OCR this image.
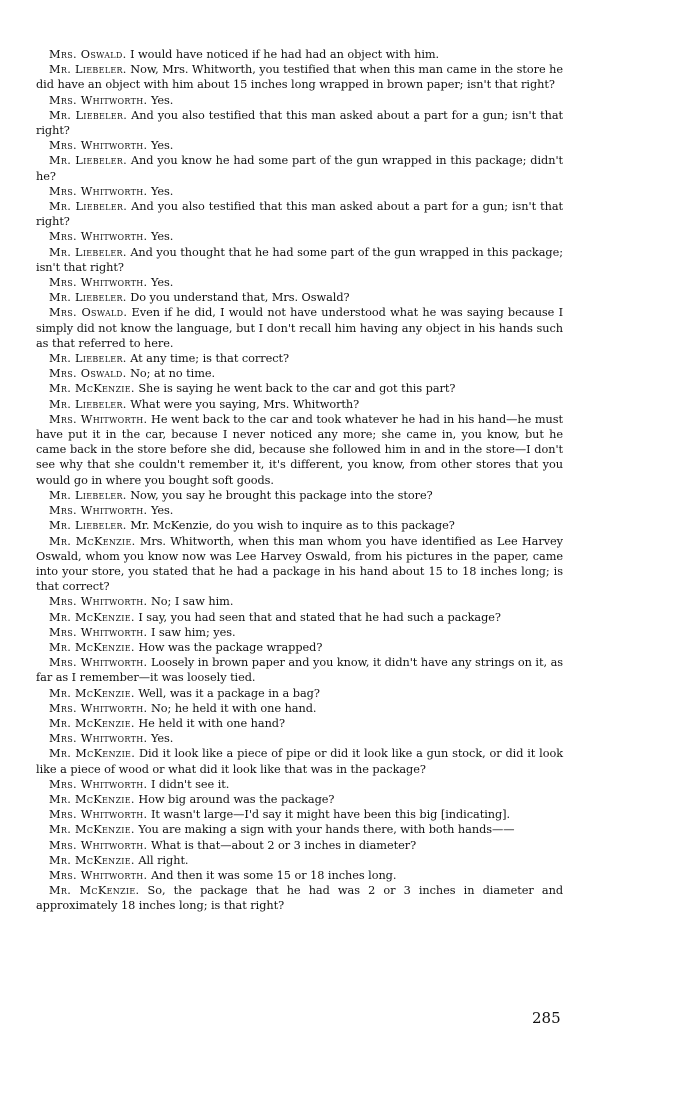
Mrs. Oswald. I would have noticed if he had had an object with him.

Mr. Liebeler. Now, Mrs. Whitworth, you testified that when this man came in the store he did have an object with him about 15 inches long wrapped in brown paper; isn't that right?

Mrs. Whitworth. Yes.

Mr. Liebeler. And you also testified that this man asked about a part for a gun; isn't that right?

Mrs. Whitworth. Yes.

Mr. Liebeler. And you know he had some part of the gun wrapped in this package; didn't he?

Mrs. Whitworth. Yes.

Mr. Liebeler. And you also testified that this man asked about a part for a gun; isn't that right?

Mrs. Whitworth. Yes.

Mr. Liebeler. And you thought that he had some part of the gun wrapped in this package; isn't that right?

Mrs. Whitworth. Yes.

Mr. Liebeler. Do you understand that, Mrs. Oswald?

Mrs. Oswald. Even if he did, I would not have understood what he was saying because I simply did not know the language, but I don't recall him having any object in his hands such as that referred to here.

Mr. Liebeler. At any time; is that correct?

Mrs. Oswald. No; at no time.

Mr. McKenzie. She is saying he went back to the car and got this part?

Mr. Liebeler. What were you saying, Mrs. Whitworth?

Mrs. Whitworth. He went back to the car and took whatever he had in his hand—he must have put it in the car, because I never noticed any more; she came in, you know, but he came back in the store before she did, because she followed him in and in the store—I don't see why that she couldn't remember it, it's different, you know, from other stores that you would go in where you bought soft goods.

Mr. Liebeler. Now, you say he brought this package into the store?

Mrs. Whitworth. Yes.

Mr. Liebeler. Mr. McKenzie, do you wish to inquire as to this package?

Mr. McKenzie. Mrs. Whitworth, when this man whom you have identified as Lee Harvey Oswald, whom you know now was Lee Harvey Oswald, from his pictures in the paper, came into your store, you stated that he had a package in his hand about 15 to 18 inches long; is that correct?

Mrs. Whitworth. No; I saw him.

Mr. McKenzie. I say, you had seen that and stated that he had such a package?

Mrs. Whitworth. I saw him; yes.

Mr. McKenzie. How was the package wrapped?

Mrs. Whitworth. Loosely in brown paper and you know, it didn't have any strings on it, as far as I remember—it was loosely tied.

Mr. McKenzie. Well, was it a package in a bag?

Mrs. Whitworth. No; he held it with one hand.

Mr. McKenzie. He held it with one hand?

Mrs. Whitworth. Yes.

Mr. McKenzie. Did it look like a piece of pipe or did it look like a gun stock, or did it look like a piece of wood or what did it look like that was in the package?

Mrs. Whitworth. I didn't see it.

Mr. McKenzie. How big around was the package?

Mrs. Whitworth. It wasn't large—I'd say it might have been this big [indicating].

Mr. McKenzie. You are making a sign with your hands there, with both hands——

Mrs. Whitworth. What is that—about 2 or 3 inches in diameter?

Mr. McKenzie. All right.

Mrs. Whitworth. And then it was some 15 or 18 inches long.

Mr. McKenzie. So, the package that he had was 2 or 3 inches in diameter and approximately 18 inches long; is that right?

285
